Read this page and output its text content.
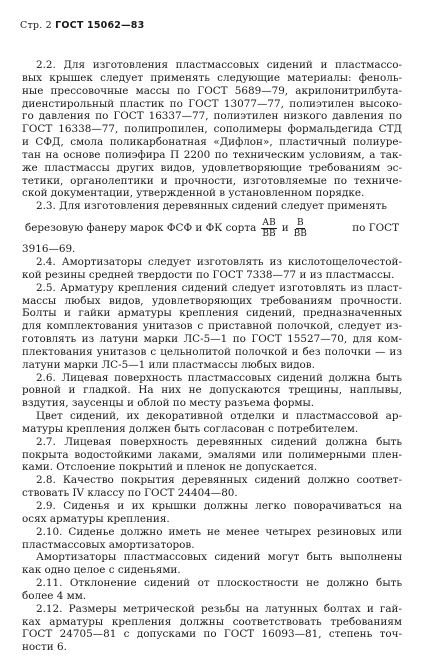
Стр. 2 ГОСТ 15062—83
2.2. Для изготовления пластмассовых сидений и пластмассо-
вых крышек следует применять следующие материалы: феноль-
ные прессовочные массы по ГОСТ 5689—79, акрилонитрилбута-
диенстирольный пластик по ГОСТ 13077—77, полиэтилен высоко-
го давления по ГОСТ 16337—77, полиэтилен низкого давления по
ГОСТ 16338—77, полипропилен, сополимеры формальдегида СТД
и СФД, смола поликарбонатная «Дифлон», пластичный полиуре-
тан на основе полиэфира П 2200 по техническим условиям, а так-
же пластмассы других видов, удовлетворяющие требованиям эс-
тетики, органолептики и прочности, изготовляемые по техниче-
ской документации, утвержденной в установленном порядке.
2.3. Для изготовления деревянных сидений следует применять
березовую фанеру марок ФСФ и ФК сорта $\frac{АВ}{ВВ}$ и $\frac{В}{ВВ}$	по ГОСТ
3916—69.
2.4. Амортизаторы следует изготовлять из кислотощелочестой-
кой резины средней твердости по ГОСТ 7338—77 и из пластмассы.
2.5. Арматуру крепления сидений следует изготовлять из пласт-
массы любых видов, удовлетворяющих требованиям прочности.
Болты и гайки арматуры крепления сидений, предназначенных
для комплектования унитазов с приставной полочкой, следует из-
готовлять из латуни марки ЛС-5—1 по ГОСТ 15527—70, для ком-
плектования унитазов с цельнолитой полочкой и без полочки — из
латуни марки ЛС-5—1 или пластмассы любых видов.
2.6. Лицевая поверхность пластмассовых сидений должна быть
ровной и гладкой. На них не допускаются трещины, наплывы,
вздутия, заусенцы и облой по месту разъема формы.
Цвет сидений, их декоративной отделки и пластмассовой ар-
матуры крепления должен быть согласован с потребителем.
2.7. Лицевая поверхность деревянных сидений должна быть
покрыта водостойкими лаками, эмалями или полимерными плен-
ками. Отслоение покрытий и пленок не допускается.
2.8. Качество покрытия деревянных сидений должно соответ-
ствовать IV классу по ГОСТ 24404—80.
2.9. Сиденья и их крышки должны легко поворачиваться на
осях арматуры крепления.
2.10. Сиденье должно иметь не менее четырех резиновых или
пластмассовых амортизаторов.
Амортизаторы пластмассовых сидений могут быть выполнены
как одно целое с сиденьями.
2.11. Отклонение сидений от плоскостности не должно быть
более 4 мм.
2.12. Размеры метрической резьбы на латунных болтах и гай-
ках арматуры крепления должны соответствовать требованиям
ГОСТ 24705—81 с допусками по ГОСТ 16093—81, степень точ-
ности 6.
